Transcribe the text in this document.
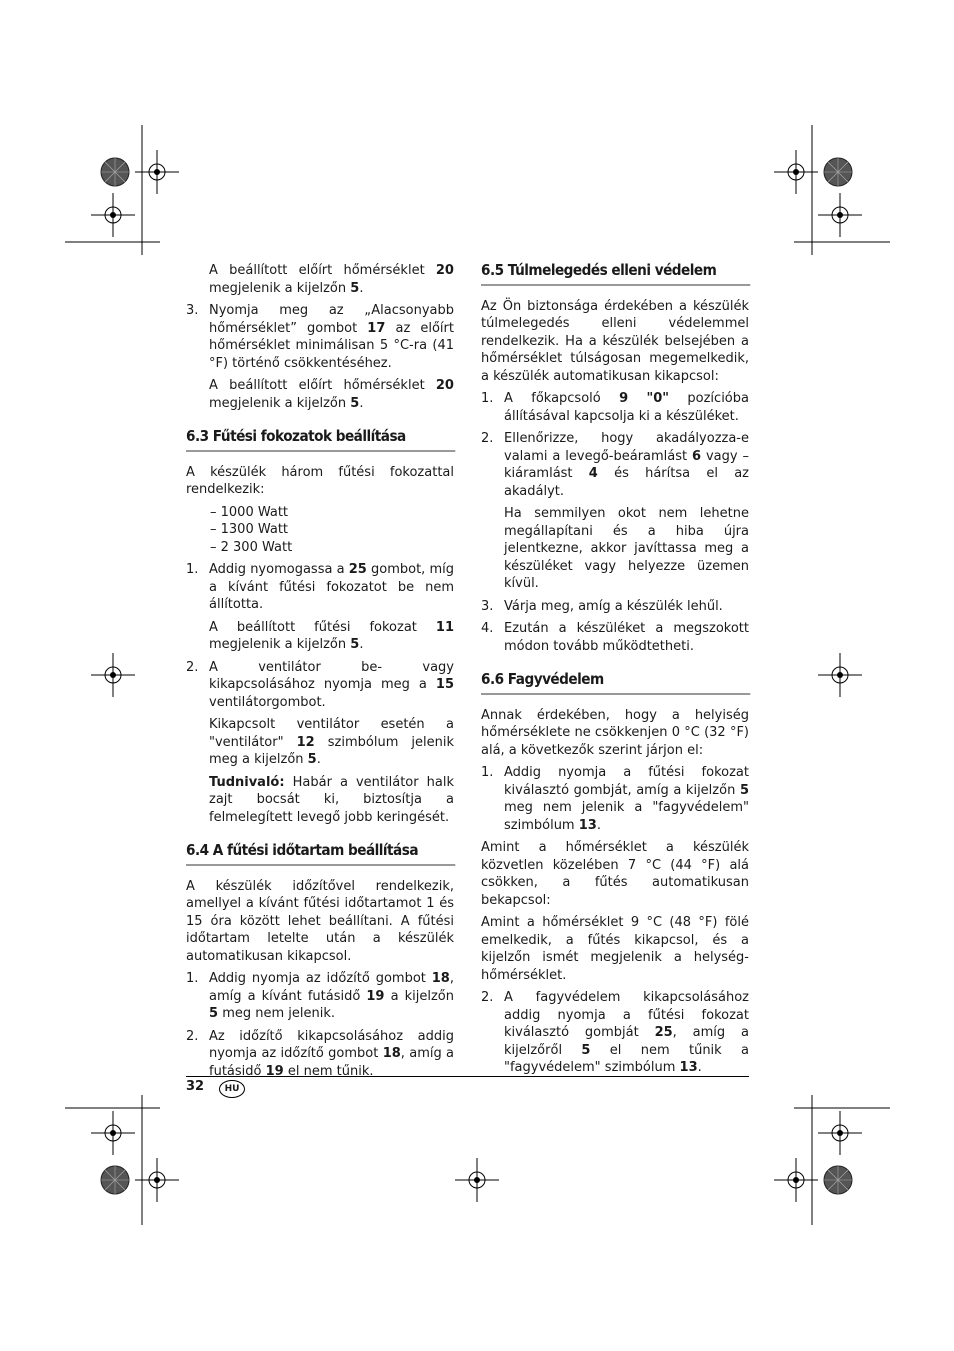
A beállított előírt hőmérséklet 20 megjelenik a kijelzőn 5.

3. Nyomja meg az „Alacsonyabb hőmérséklet” gombot 17 az előírt hőmérséklet minimálisan 5 °C-ra (41 °F) történő csökkentéséhez.

A beállított előírt hőmérséklet 20 megjelenik a kijelzőn 5.

6.3 Fűtési fokozatok beállítása

A készülék három fűtési fokozattal rendelkezik:

– 1000 Watt

– 1300 Watt

– 2 300 Watt

1. Addig nyomogassa a 25 gombot, míg a kívánt fűtési fokozatot be nem állította.

A beállított fűtési fokozat 11 megjelenik a kijelzőn 5.

2. A ventilátor be- vagy kikapcsolásához nyomja meg a 15 ventilátorgombot.

Kikapcsolt ventilátor esetén a "ventilátor" 12 szimbólum jelenik meg a kijelzőn 5.

Tudnivaló: Habár a ventilátor halk zajt bocsát ki, biztosítja a felmelegített levegő jobb keringését.

6.4 A fűtési időtartam beállítása

A készülék időzítővel rendelkezik, amellyel a kívánt fűtési időtartamot 1 és 15 óra között lehet beállítani. A fűtési időtartam letelte után a készülék automatikusan kikapcsol.

1. Addig nyomja az időzítő gombot 18, amíg a kívánt futásidő 19 a kijelzőn 5 meg nem jelenik.
2. Az időzítő kikapcsolásához addig nyomja az időzítő gombot 18, amíg a futásidő 19 el nem tűnik.
6.5 Túlmelegedés elleni védelem

Az Ön biztonsága érdekében a készülék túlmelegedés elleni védelemmel rendelkezik. Ha a készülék belsejében a hőmérséklet túlságosan megemelkedik, a készülék automatikusan kikapcsol:

1. A főkapcsoló 9 "0" pozícióba állításával kapcsolja ki a készüléket.
2. Ellenőrizze, hogy akadályozza-e valami a levegő-beáramlást 6 vagy –kiáramlást 4 és hárítsa el az akadályt.

Ha semmilyen okot nem lehetne megállapítani és a hiba újra jelentkezne, akkor javíttassa meg a készüléket vagy helyezze üzemen kívül.

3. Várja meg, amíg a készülék lehűl.
4. Ezután a készüléket a megszokott módon tovább működtetheti.
6.6 Fagyvédelem

Annak érdekében, hogy a helyiség hőmérséklete ne csökkenjen 0 °C (32 °F) alá, a következők szerint járjon el:

1. Addig nyomja a fűtési fokozat kiválasztó gombját, amíg a kijelzőn 5 meg nem jelenik a "fagyvédelem" szimbólum 13.

Amint a hőmérséklet a készülék közvetlen közelében 7 °C (44 °F) alá csökken, a fűtés automatikusan bekapcsol:

Amint a hőmérséklet 9 °C (48 °F) fölé emelkedik, a fűtés kikapcsol, és a kijelzőn ismét megjelenik a helység-hőmérséklet.

2. A fagyvédelem kikapcsolásához addig nyomja a fűtési fokozat kiválasztó gombját 25, amíg a kijelzőről 5 el nem tűnik a "fagyvédelem" szimbólum 13.
32	HU
